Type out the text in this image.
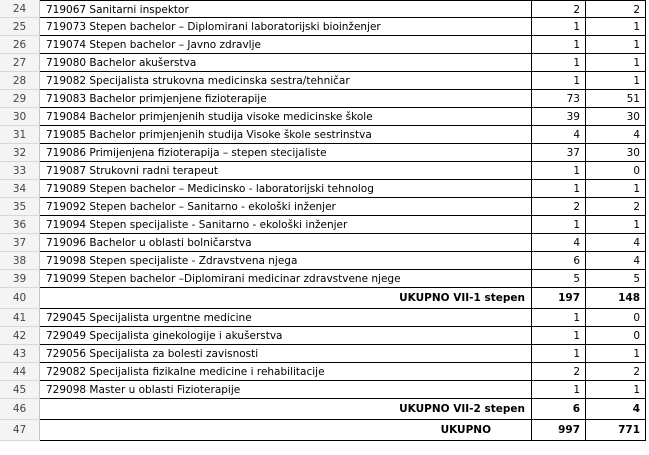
24	719067 Sanitarni inspektor	2	2
25	719073 Stepen bachelor – Diplomirani laboratorijski bioinženjer	1	1
26	719074 Stepen bachelor – Javno zdravlje	1	1
27	719080 Bachelor akušerstva	1	1
28	719082 Specijalista strukovna medicinska sestra/tehničar	1	1
29	719083 Bachelor primjenjene fizioterapije	73	51
30	719084 Bachelor primjenjenih studija visoke medicinske škole	39	30
31	719085 Bachelor primjenjenih studija Visoke škole sestrinstva	4	4
32	719086 Primijenjena fizioterapija – stepen stecijaliste	37	30
33	719087 Strukovni radni terapeut	1	0
34	719089 Stepen bachelor – Medicinsko - laboratorijski tehnolog	1	1
35	719092 Stepen bachelor – Sanitarno - ekološki inženjer	2	2
36	719094 Stepen specijaliste - Sanitarno - ekološki inženjer	1	1
37	719096 Bachelor u oblasti bolničarstva	4	4
38	719098 Stepen specijaliste - Zdravstvena njega	6	4
39	719099 Stepen bachelor –Diplomirani medicinar zdravstvene njege	5	5
40	UKUPNO VII-1 stepen	197	148
41	729045 Specijalista urgentne medicine	1	0
42	729049 Specijalista ginekologije i akušerstva	1	0
43	729056 Specijalista za bolesti zavisnosti	1	1
44	729082 Specijalista fizikalne medicine i rehabilitacije	2	2
45	729098 Master u oblasti Fizioterapije	1	1
46	UKUPNO VII-2 stepen	6	4
47	UKUPNO	997	771
